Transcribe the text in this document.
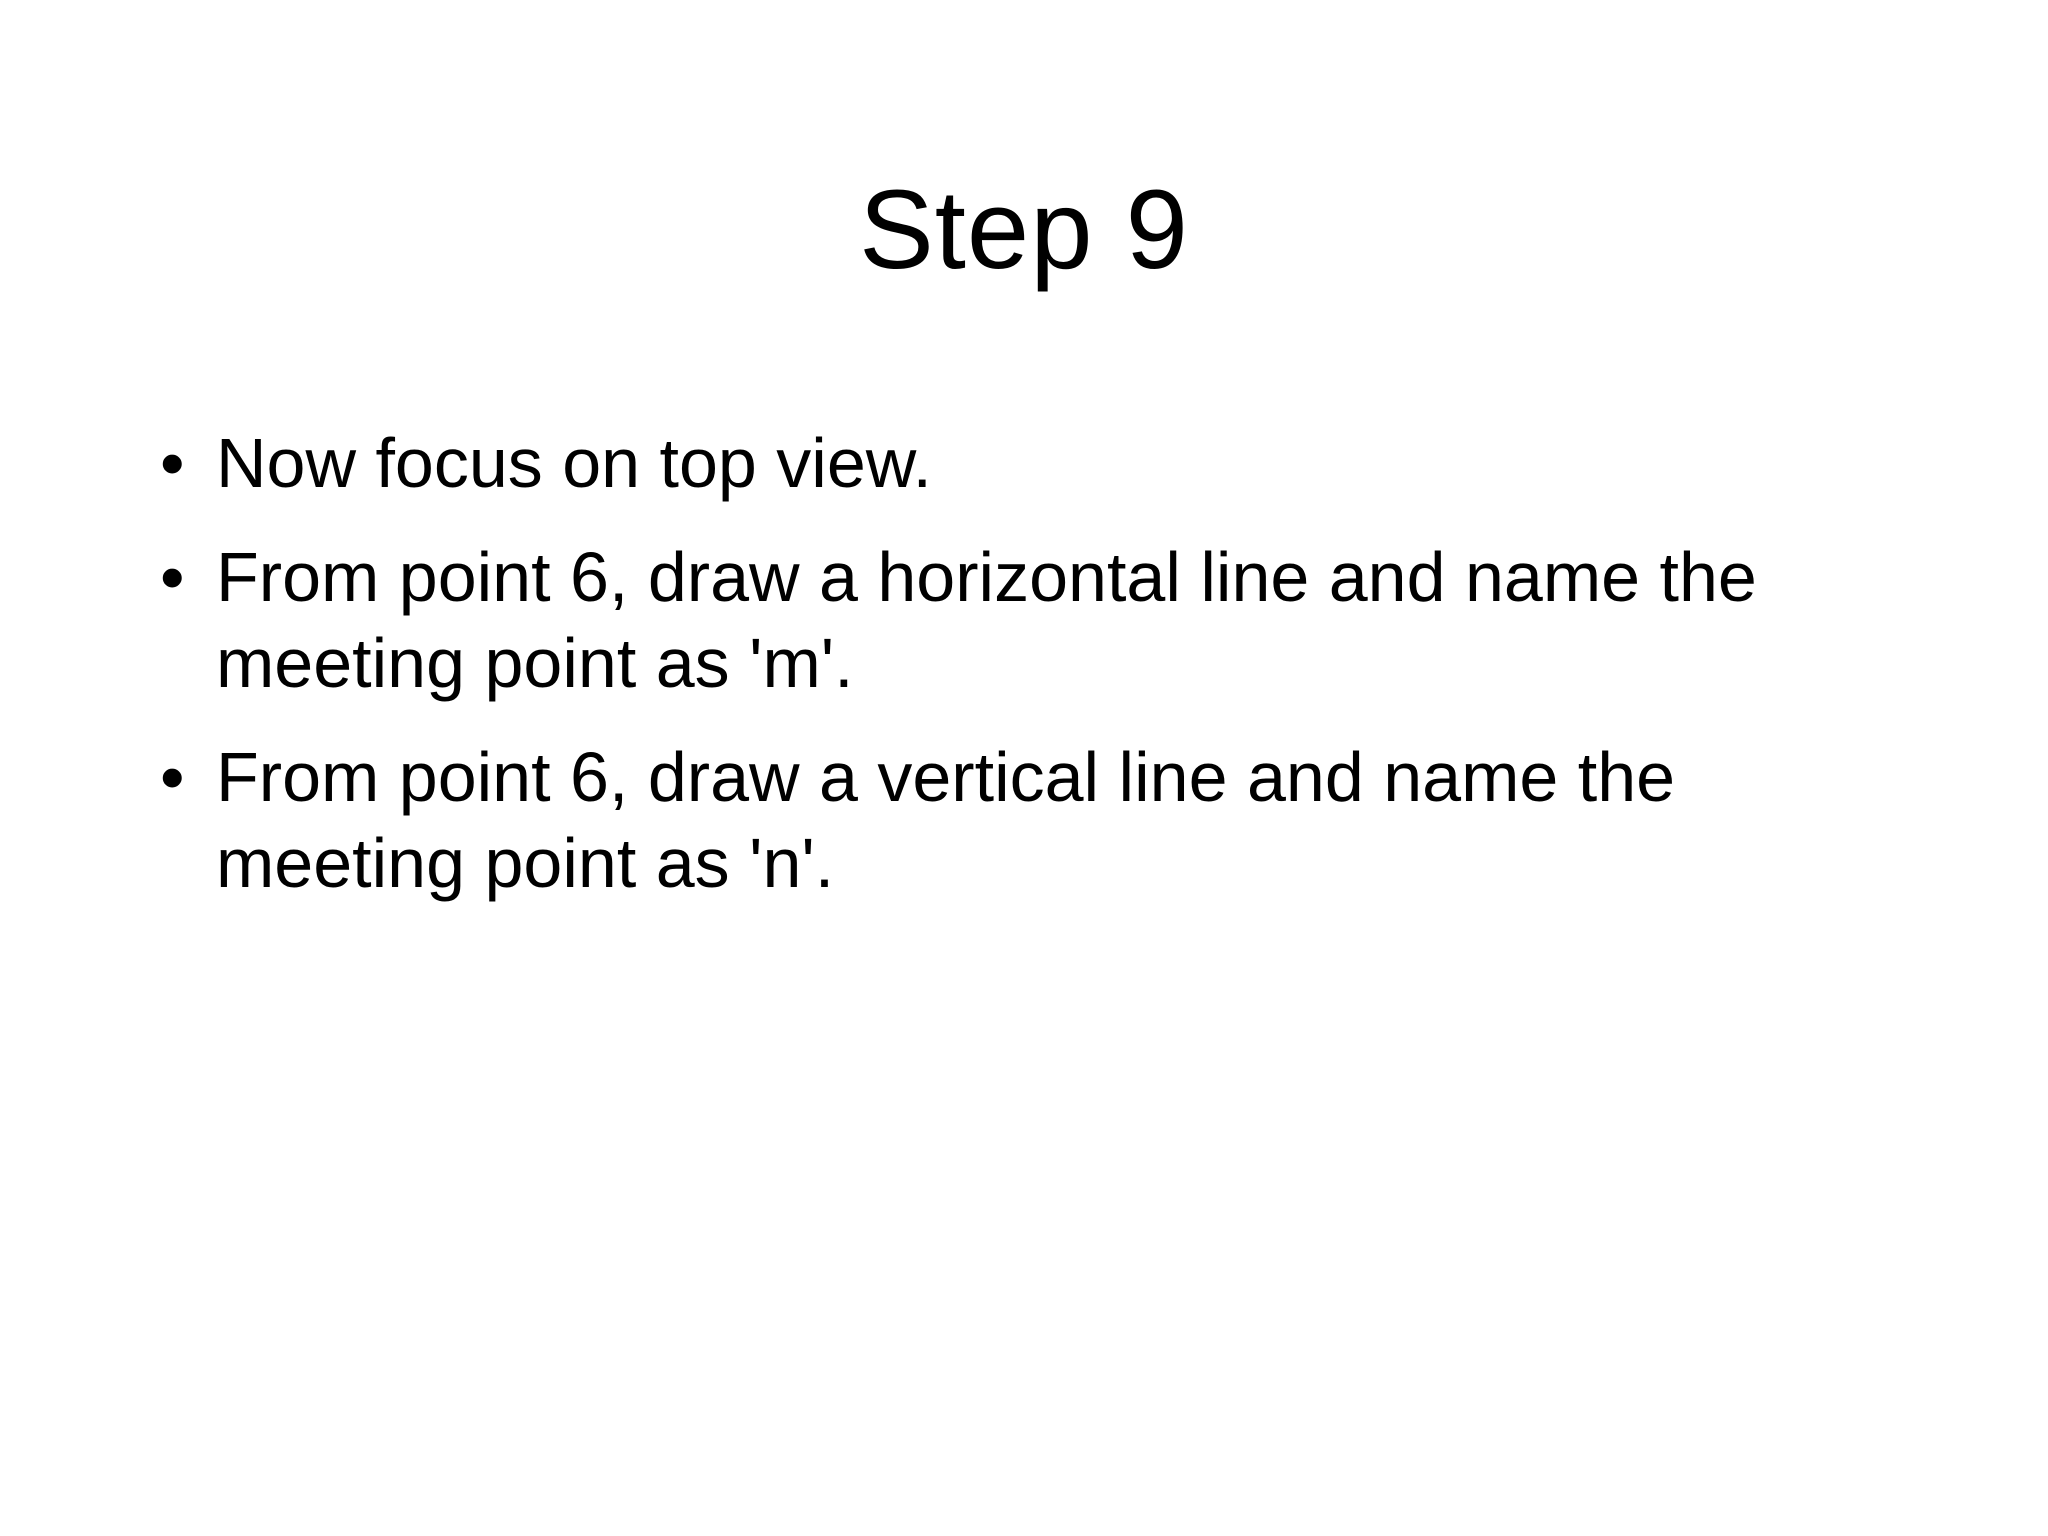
Step 9
• Now focus on top view.
• From point 6, draw a horizontal line and name the meeting point as 'm'.
• From point 6, draw a vertical line and name the meeting point as 'n'.
